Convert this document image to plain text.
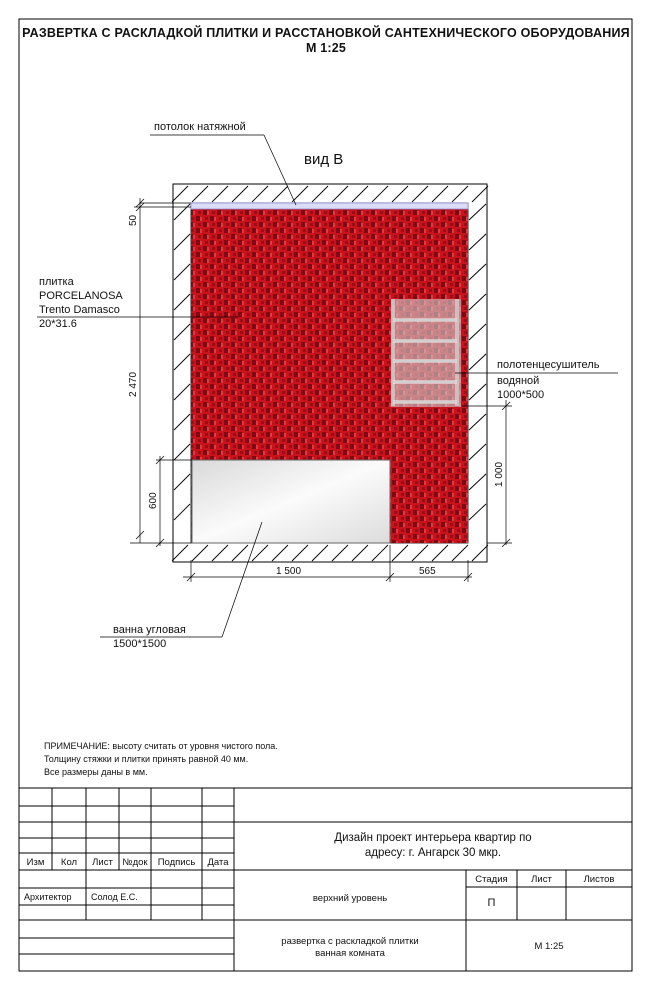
РАЗВЕРТКА С РАСКЛАДКОЙ ПЛИТКИ И РАССТАНОВКОЙ САНТЕХНИЧЕСКОГО ОБОРУДОВАНИЯ
М 1:25
вид В
потолок натяжной
плитка
PORCELANOSA
Trento Damasco
20*31.6
полотенцесушитель
водяной
1000*500
ванна угловая
1500*1500
50
2 470
600
1 000
1 500	565
ПРИМЕЧАНИЕ: высоту считать от уровня чистого пола.
Толщину стяжки и плитки принять равной 40 мм.
Все размеры даны в мм.
Изм	Кол	Лист	№док	Подпись	Дата
Дизайн проект интерьера квартир по
адресу: г. Ангарск 30 мкр.
Архитектор Солод Е.С.	верхний уровень
Стадия	Лист	Листов
П
развертка с раскладкой плитки
ванная комната
М 1:25
